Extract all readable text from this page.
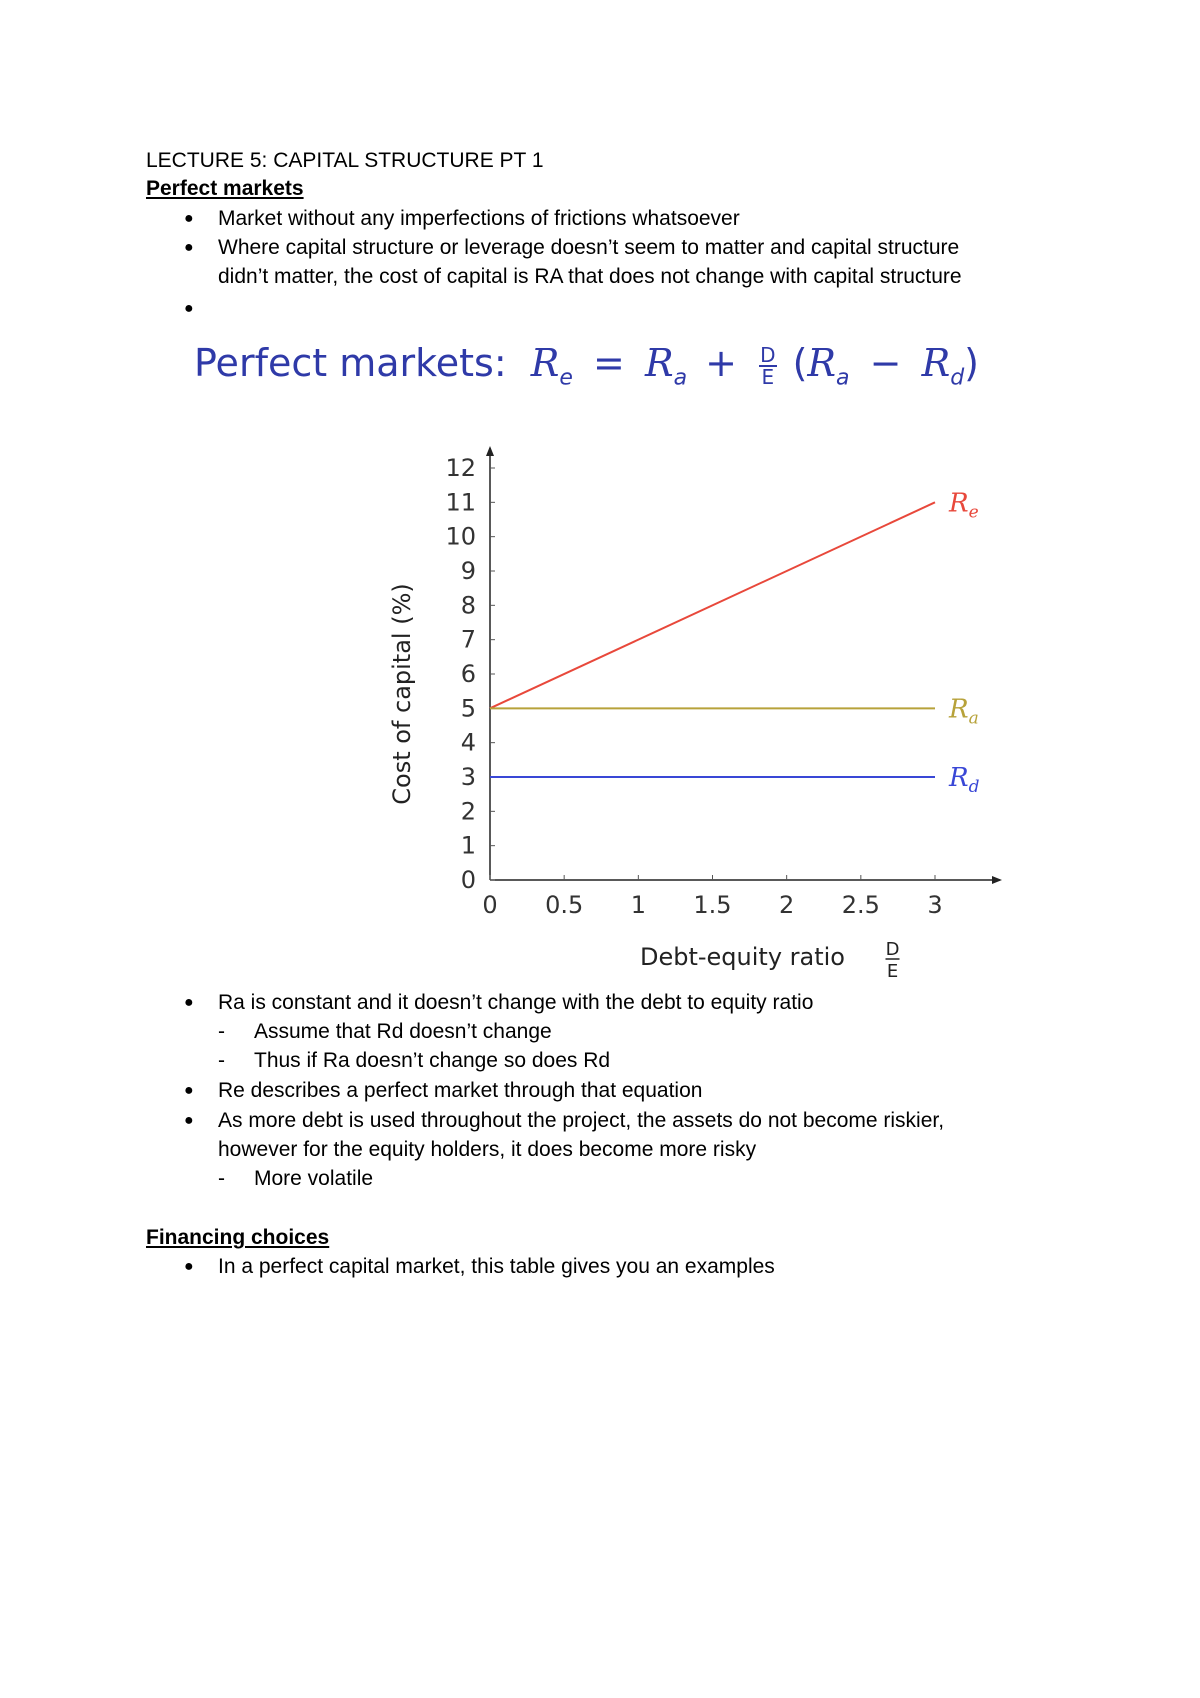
LECTURE 5: CAPITAL STRUCTURE PT 1
Perfect markets
● Market without any imperfections of frictions whatsoever
● Where capital structure or leverage doesn’t seem to matter and capital structure
didn’t matter, the cost of capital is RA that does not change with capital structure
●
Perfect markets: $R_e = R_a + \frac{D}{E} (R_a - R_d)$
0
1
2
3
4
5
6
7
8
9
10
11
12
0 0.5 1 1.5 2 2.5 3
$R_e$
$R_a$
$R_d$
Cost of capital (%)
Debt-equity ratio D
E
● Ra is constant and it doesn’t change with the debt to equity ratio
- Assume that Rd doesn’t change
- Thus if Ra doesn’t change so does Rd
● Re describes a perfect market through that equation
● As more debt is used throughout the project, the assets do not become riskier,
however for the equity holders, it does become more risky
- More volatile
Financing choices
● In a perfect capital market, this table gives you an examples
